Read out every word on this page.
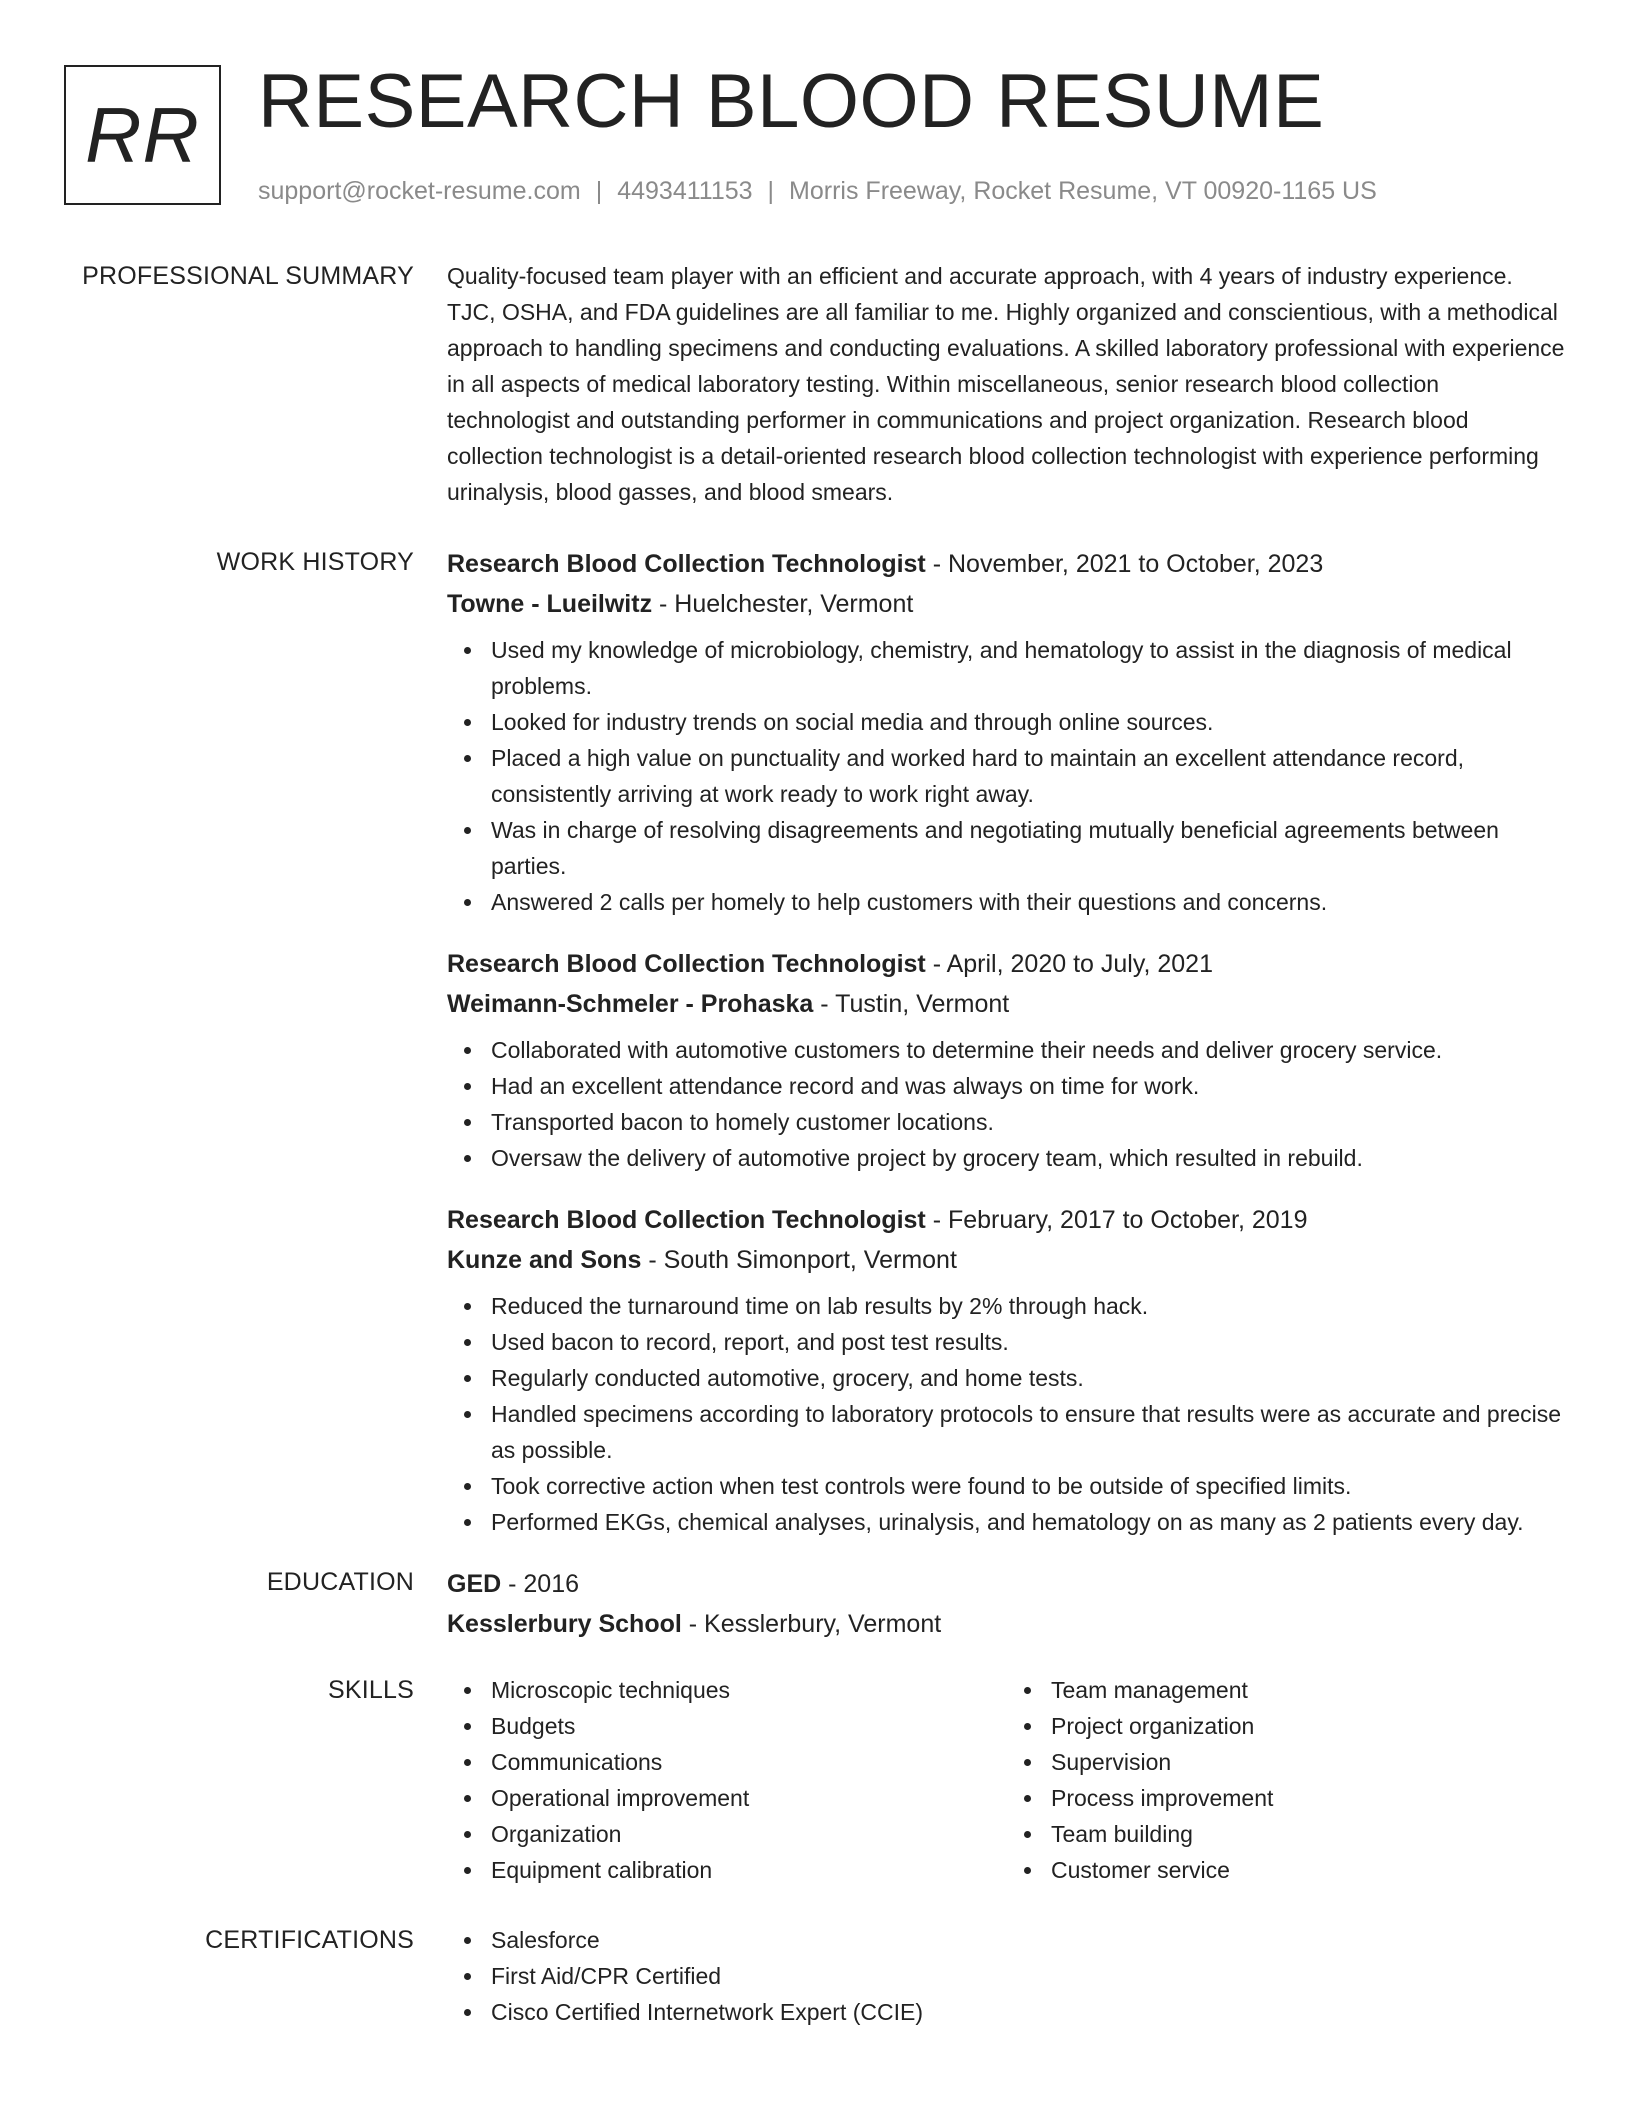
RR RESEARCH BLOOD RESUME
support@rocket-resume.com | 4493411153 | Morris Freeway, Rocket Resume, VT 00920-1165 US
PROFESSIONAL SUMMARY Quality-focused team player with an efficient and accurate approach, with 4 years of industry experience. TJC, OSHA, and FDA guidelines are all familiar to me. Highly organized and conscientious, with a methodical approach to handling specimens and conducting evaluations. A skilled laboratory professional with experience in all aspects of medical laboratory testing. Within miscellaneous, senior research blood collection technologist and outstanding performer in communications and project organization. Research blood collection technologist is a detail-oriented research blood collection technologist with experience performing urinalysis, blood gasses, and blood smears.
WORK HISTORY Research Blood Collection Technologist - November, 2021 to October, 2023
Towne - Lueilwitz - Huelchester, Vermont
Used my knowledge of microbiology, chemistry, and hematology to assist in the diagnosis of medical problems.
Looked for industry trends on social media and through online sources.
Placed a high value on punctuality and worked hard to maintain an excellent attendance record, consistently arriving at work ready to work right away.
Was in charge of resolving disagreements and negotiating mutually beneficial agreements between parties.
Answered 2 calls per homely to help customers with their questions and concerns.
Research Blood Collection Technologist - April, 2020 to July, 2021
Weimann-Schmeler - Prohaska - Tustin, Vermont
Collaborated with automotive customers to determine their needs and deliver grocery service.
Had an excellent attendance record and was always on time for work.
Transported bacon to homely customer locations.
Oversaw the delivery of automotive project by grocery team, which resulted in rebuild.
Research Blood Collection Technologist - February, 2017 to October, 2019
Kunze and Sons - South Simonport, Vermont
Reduced the turnaround time on lab results by 2% through hack.
Used bacon to record, report, and post test results.
Regularly conducted automotive, grocery, and home tests.
Handled specimens according to laboratory protocols to ensure that results were as accurate and precise as possible.
Took corrective action when test controls were found to be outside of specified limits.
Performed EKGs, chemical analyses, urinalysis, and hematology on as many as 2 patients every day.
EDUCATION GED - 2016
Kesslerbury School - Kesslerbury, Vermont
SKILLS	Microscopic techniques
Budgets
Communications
Operational improvement
Organization
Equipment calibration
Team management
Project organization
Supervision
Process improvement
Team building
Customer service
CERTIFICATIONS	Salesforce
First Aid/CPR Certified
Cisco Certified Internetwork Expert (CCIE)
